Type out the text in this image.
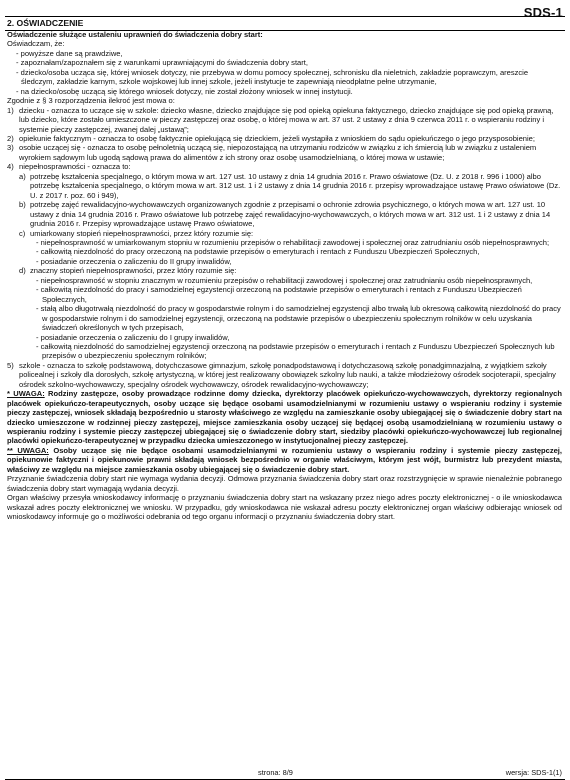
SDS-1
2. OŚWIADCZENIE

Oświadczenie służące ustaleniu uprawnień do świadczenia dobry start:

Oświadczam, że:

- powyższe dane są prawdziwe,

- zapoznałam/zapoznałem się z warunkami uprawniającymi do świadczenia dobry start,

- dziecko/osoba ucząca się, której wniosek dotyczy, nie przebywa w domu pomocy społecznej, schronisku dla nieletnich, zakładzie poprawczym, areszcie śledczym, zakładzie karnym, szkole wojskowej lub innej szkole, jeżeli instytucje te zapewniają nieodpłatne pełne utrzymanie,

- na dziecko/osobę uczącą się którego wniosek dotyczy, nie został złożony wniosek w innej instytucji.

Zgodnie z § 3 rozporządzenia ilekroć jest mowa o:

1) dziecku - oznacza to uczące się w szkole: dziecko własne, dziecko znajdujące się pod opieką opiekuna faktycznego, dziecko znajdujące się pod opieką prawną, lub dziecko, które zostało umieszczone w pieczy zastępczej oraz osobę, o której mowa w art. 37 ust. 2 ustawy z dnia 9 czerwca 2011 r. o wspieraniu rodziny i systemie pieczy zastępczej, zwanej dalej „ustawą”;
2) opiekunie faktycznym - oznacza to osobę faktycznie opiekującą się dzieckiem, jeżeli wystąpiła z wnioskiem do sądu opiekuńczego o jego przysposobienie;
3) osobie uczącej się - oznacza to osobę pełnoletnią uczącą się, niepozostającą na utrzymaniu rodziców w związku z ich śmiercią lub w związku z ustaleniem wyrokiem sądowym lub ugodą sądową prawa do alimentów z ich strony oraz osobę usamodzielnianą, o której mowa w ustawie;
4) niepełnosprawności - oznacza to:
a) potrzebę kształcenia specjalnego, o którym mowa w art. 127 ust. 10 ustawy z dnia 14 grudnia 2016 r. Prawo oświatowe (Dz. U. z 2018 r. 996 i 1000) albo potrzebę kształcenia specjalnego, o którym mowa w art. 312 ust. 1 i 2 ustawy z dnia 14 grudnia 2016 r. przepisy wprowadzające ustawę Prawo oświatowe (Dz. U. z 2017 r. poz. 60 i 949),
b) potrzebę zajęć rewalidacyjno-wychowawczych organizowanych zgodnie z przepisami o ochronie zdrowia psychicznego, o których mowa w art. 127 ust. 10 ustawy z dnia 14 grudnia 2016 r. Prawo oświatowe lub potrzebę zajęć rewalidacyjno-wychowawczych, o których mowa w art. 312 ust. 1 i 2 ustawy z dnia 14 grudnia 2016 r. Przepisy wprowadzające ustawę Prawo oświatowe,
c) umiarkowany stopień niepełnosprawności, przez który rozumie się:

- niepełnosprawność w umiarkowanym stopniu w rozumieniu przepisów o rehabilitacji zawodowej i społecznej oraz zatrudnianiu osób niepełnosprawnych;

- całkowitą niezdolność do pracy orzeczoną na podstawie przepisów o emeryturach i rentach z Funduszu Ubezpieczeń Społecznych,

- posiadanie orzeczenia o zaliczeniu do II grupy inwalidów,

d) znaczny stopień niepełnosprawności, przez który rozumie się:

- niepełnosprawność w stopniu znacznym w rozumieniu przepisów o rehabilitacji zawodowej i społecznej oraz zatrudnianiu osób niepełnosprawnych,

- całkowitą niezdolność do pracy i samodzielnej egzystencji orzeczoną na podstawie przepisów o emeryturach i rentach z Funduszu Ubezpieczeń Społecznych,

- stałą albo długotrwałą niezdolność do pracy w gospodarstwie rolnym i do samodzielnej egzystencji albo trwałą lub okresową całkowitą niezdolność do pracy w gospodarstwie rolnym i do samodzielnej egzystencji, orzeczoną na podstawie przepisów o ubezpieczeniu społecznym rolników w celu uzyskania świadczeń określonych w tych przepisach,

- posiadanie orzeczenia o zaliczeniu do I grupy inwalidów,

- całkowitą niezdolność do samodzielnej egzystencji orzeczoną na podstawie przepisów o emeryturach i rentach z Funduszu Ubezpieczeń Społecznych lub przepisów o ubezpieczeniu społecznym rolników;

5) szkole - oznacza to szkołę podstawową, dotychczasowe gimnazjum, szkołę ponadpodstawową i dotychczasową szkołę ponadgimnazjalną, z wyjątkiem szkoły policealnej i szkoły dla dorosłych, szkołę artystyczną, w której jest realizowany obowiązek szkolny lub nauki, a także młodzieżowy ośrodek socjoterapii, specjalny ośrodek szkolno-wychowawczy, specjalny ośrodek wychowawczy, ośrodek rewalidacyjno-wychowawczy;

* UWAGA: Rodziny zastępcze, osoby prowadzące rodzinne domy dziecka, dyrektorzy placówek opiekuńczo-wychowawczych, dyrektorzy regionalnych placówek opiekuńczo-terapeutycznych, osoby uczące się będące osobami usamodzielnianymi w rozumieniu ustawy o wspieraniu rodziny i systemie pieczy zastępczej, wniosek składają bezpośrednio u starosty właściwego ze względu na zamieszkanie osoby ubiegającej się o świadczenie dobry start na dziecko umieszczone w rodzinnej pieczy zastępczej, miejsce zamieszkania osoby uczącej się będącej osobą usamodzielnianą w rozumieniu ustawy o wspieraniu rodziny i systemie pieczy zastępczej ubiegającej się o świadczenie dobry start, siedziby placówki opiekuńczo-wychowawczej lub regionalnej placówki opiekuńczo-terapeutycznej w przypadku dziecka umieszczonego w instytucjonalnej pieczy zastępczej.

** UWAGA: Osoby uczące się nie będące osobami usamodzielnianymi w rozumieniu ustawy o wspieraniu rodziny i systemie pieczy zastępczej, opiekunowie faktyczni i opiekunowie prawni składają wniosek bezpośrednio w organie właściwym, którym jest wójt, burmistrz lub prezydent miasta, właściwy ze względu na miejsce zamieszkania osoby ubiegającej się o świadczenie dobry start.

Przyznanie świadczenia dobry start nie wymaga wydania decyzji. Odmowa przyznania świadczenia dobry start oraz rozstrzygnięcie w sprawie nienależnie pobranego świadczenia dobry start wymagają wydania decyzji.

Organ właściwy przesyła wnioskodawcy informację o przyznaniu świadczenia dobry start na wskazany przez niego adres poczty elektronicznej - o ile wnioskodawca wskazał adres poczty elektronicznej we wniosku. W przypadku, gdy wnioskodawca nie wskazał adresu poczty elektronicznej organ właściwy odbierając wniosek od wnioskodawcy informuje go o możliwości odebrania od tego organu informacji o przyznaniu świadczenia dobry start.

strona: 8/9	wersja: SDS-1(1)
